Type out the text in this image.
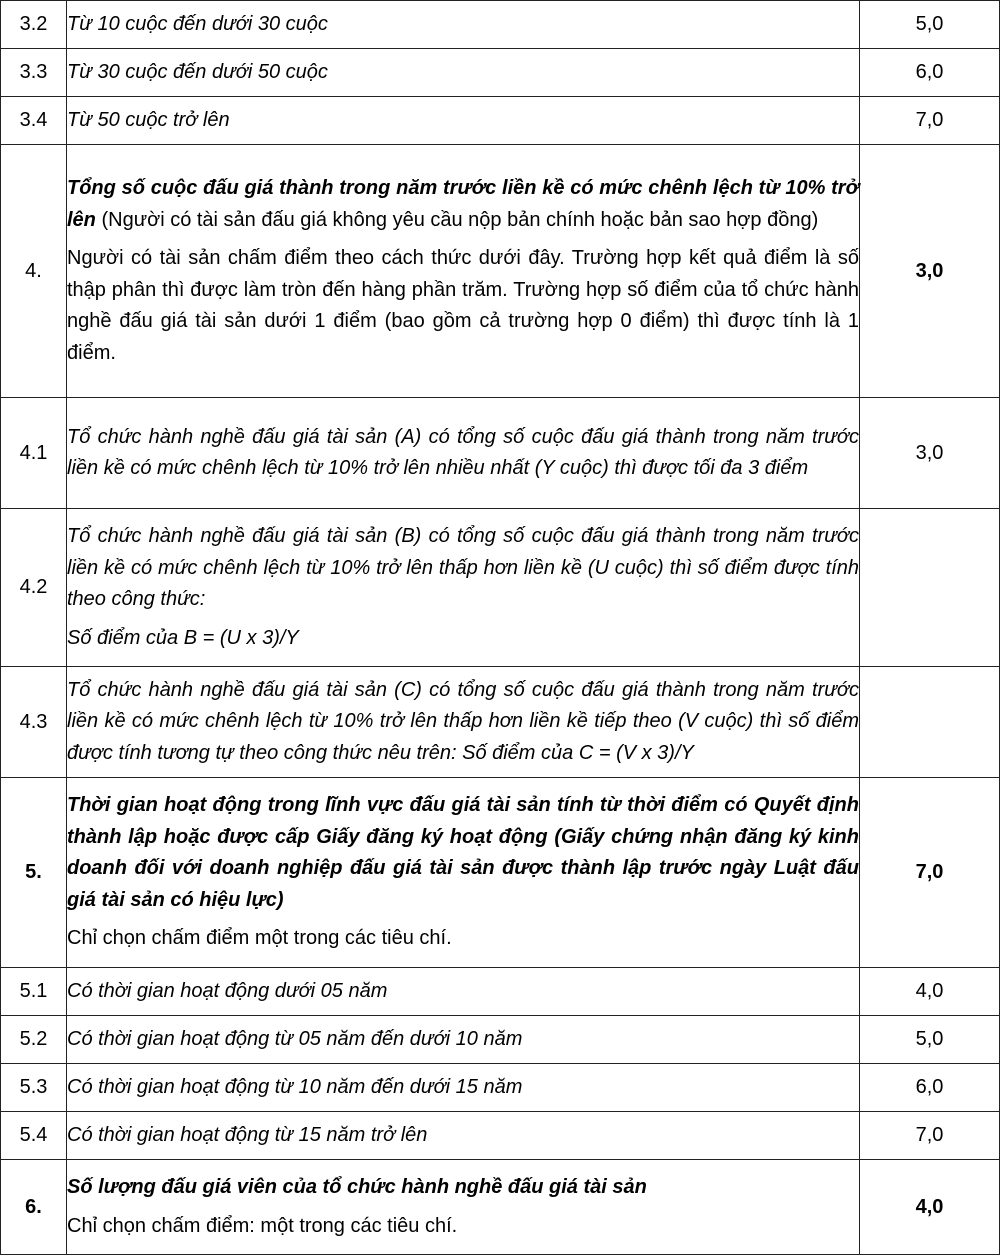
3.2	Từ 10 cuộc đến dưới 30 cuộc	5,0
3.3	Từ 30 cuộc đến dưới 50 cuộc	6,0
3.4	Từ 50 cuộc trở lên	7,0
4.	Tổng số cuộc đấu giá thành trong năm trước liền kề có mức chênh lệch từ 10% trở lên (Người có tài sản đấu giá không yêu cầu nộp bản chính hoặc bản sao hợp đồng)

Người có tài sản chấm điểm theo cách thức dưới đây. Trường hợp kết quả điểm là số thập phân thì được làm tròn đến hàng phần trăm. Trường hợp số điểm của tổ chức hành nghề đấu giá tài sản dưới 1 điểm (bao gồm cả trường hợp 0 điểm) thì được tính là 1 điểm.	3,0
4.1	Tổ chức hành nghề đấu giá tài sản (A) có tổng số cuộc đấu giá thành trong năm trước liền kề có mức chênh lệch từ 10% trở lên nhiều nhất (Y cuộc) thì được tối đa 3 điểm	3,0
4.2	Tổ chức hành nghề đấu giá tài sản (B) có tổng số cuộc đấu giá thành trong năm trước liền kề có mức chênh lệch từ 10% trở lên thấp hơn liền kề (U cuộc) thì số điểm được tính theo công thức:

Số điểm của B = (U x 3)/Y	

4.3	Tổ chức hành nghề đấu giá tài sản (C) có tổng số cuộc đấu giá thành trong năm trước liền kề có mức chênh lệch từ 10% trở lên thấp hơn liền kề tiếp theo (V cuộc) thì số điểm được tính tương tự theo công thức nêu trên: Số điểm của C = (V x 3)/Y	
5.	Thời gian hoạt động trong lĩnh vực đấu giá tài sản tính từ thời điểm có Quyết định thành lập hoặc được cấp Giấy đăng ký hoạt động (Giấy chứng nhận đăng ký kinh doanh đối với doanh nghiệp đấu giá tài sản được thành lập trước ngày Luật đấu giá tài sản có hiệu lực)

Chỉ chọn chấm điểm một trong các tiêu chí.	7,0
5.1	Có thời gian hoạt động dưới 05 năm	4,0
5.2	Có thời gian hoạt động từ 05 năm đến dưới 10 năm	5,0
5.3	Có thời gian hoạt động từ 10 năm đến dưới 15 năm	6,0
5.4	Có thời gian hoạt động từ 15 năm trở lên	7,0
6.	Số lượng đấu giá viên của tổ chức hành nghề đấu giá tài sản

Chỉ chọn chấm điểm: một trong các tiêu chí.	4,0
